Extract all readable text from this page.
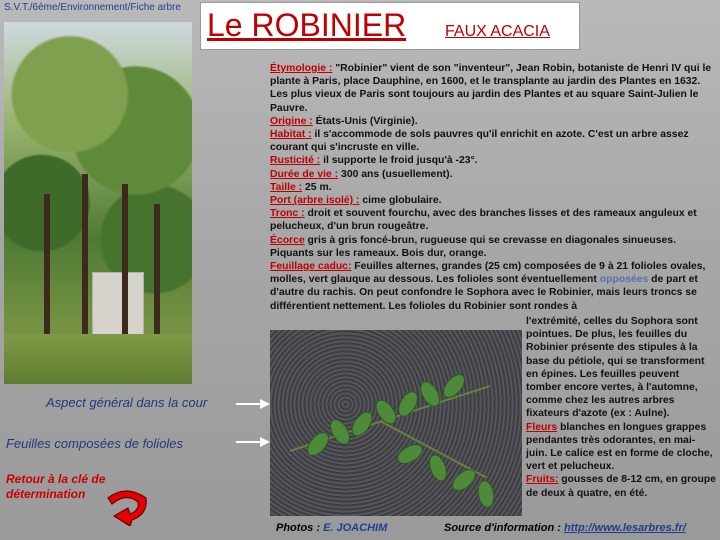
S.V.T./6ème/Environnement/Fiche arbre Le ROBINIER FAUX ACACIA
Aspect général dans la cour
Feuilles composées de folioles
Retour à la clé de
détermination
Étymologie : "Robinier" vient de son "inventeur", Jean Robin, botaniste de Henri IV qui le plante à Paris, place Dauphine, en 1600, et le transplante au jardin des Plantes en 1632. Les plus vieux de Paris sont toujours au jardin des Plantes et au square Saint-Julien le Pauvre.
Origine : États-Unis (Virginie).
Habitat : il s'accommode de sols pauvres qu'il enrichit en azote. C'est un arbre assez courant qui s'incruste en ville.
Rusticité : il supporte le froid jusqu'à -23°.
Durée de vie : 300 ans (usuellement).
Taille : 25 m.
Port (arbre isolé) : cime globulaire.
Tronc : droit et souvent fourchu, avec des branches lisses et des rameaux anguleux et pelucheux, d'un brun rougeâtre.
Écorce gris à gris foncé-brun, rugueuse qui se crevasse en diagonales sinueuses. Piquants sur les rameaux. Bois dur, orange.
Feuillage caduc: Feuilles alternes, grandes (25 cm) composées de 9 à 21 folioles ovales, molles, vert glauque au dessous. Les folioles sont éventuellement opposées de part et d'autre du rachis. On peut confondre le Sophora avec le Robinier, mais leurs troncs se différentient nettement. Les folioles du Robinier sont rondes à
l'extrémité, celles du Sophora sont pointues. De plus, les feuilles du Robinier présente des stipules à la base du pétiole, qui se transforment en épines. Les feuilles peuvent tomber encore vertes, à l'automne, comme chez les autres arbres fixateurs d'azote (ex : Aulne).
Fleurs blanches en longues grappes pendantes très odorantes, en mai-juin. Le calice est en forme de cloche, vert et pelucheux.
Fruits: gousses de 8-12 cm, en groupe de deux à quatre, en été.
Photos : E. JOACHIM	Source d'information : http://www.lesarbres.fr/
